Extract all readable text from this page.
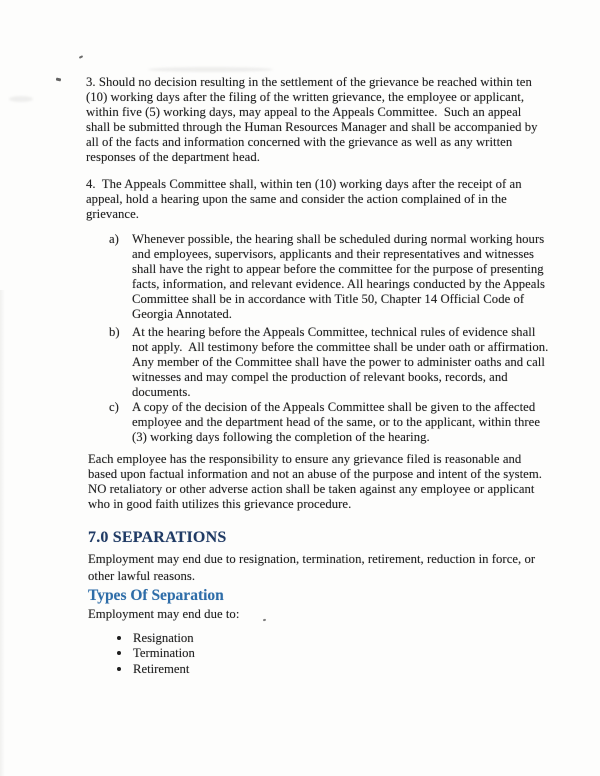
3. Should no decision resulting in the settlement of the grievance be reached within ten
(10) working days after the filing of the written grievance, the employee or applicant,
within five (5) working days, may appeal to the Appeals Committee.  Such an appeal
shall be submitted through the Human Resources Manager and shall be accompanied by
all of the facts and information concerned with the grievance as well as any written
responses of the department head.
4.  The Appeals Committee shall, within ten (10) working days after the receipt of an
appeal, hold a hearing upon the same and consider the action complained of in the
grievance.
a) Whenever possible, the hearing shall be scheduled during normal working hours
and employees, supervisors, applicants and their representatives and witnesses
shall have the right to appear before the committee for the purpose of presenting
facts, information, and relevant evidence. All hearings conducted by the Appeals
Committee shall be in accordance with Title 50, Chapter 14 Official Code of
Georgia Annotated.
b) At the hearing before the Appeals Committee, technical rules of evidence shall
not apply.  All testimony before the committee shall be under oath or affirmation.
Any member of the Committee shall have the power to administer oaths and call
witnesses and may compel the production of relevant books, records, and
documents.
c) A copy of the decision of the Appeals Committee shall be given to the affected
employee and the department head of the same, or to the applicant, within three
(3) working days following the completion of the hearing.
Each employee has the responsibility to ensure any grievance filed is reasonable and
based upon factual information and not an abuse of the purpose and intent of the system.
NO retaliatory or other adverse action shall be taken against any employee or applicant
who in good faith utilizes this grievance procedure.
7.0 SEPARATIONS
Employment may end due to resignation, termination, retirement, reduction in force, or
other lawful reasons.
Types Of Separation
Employment may end due to:
Resignation
Termination
Retirement
